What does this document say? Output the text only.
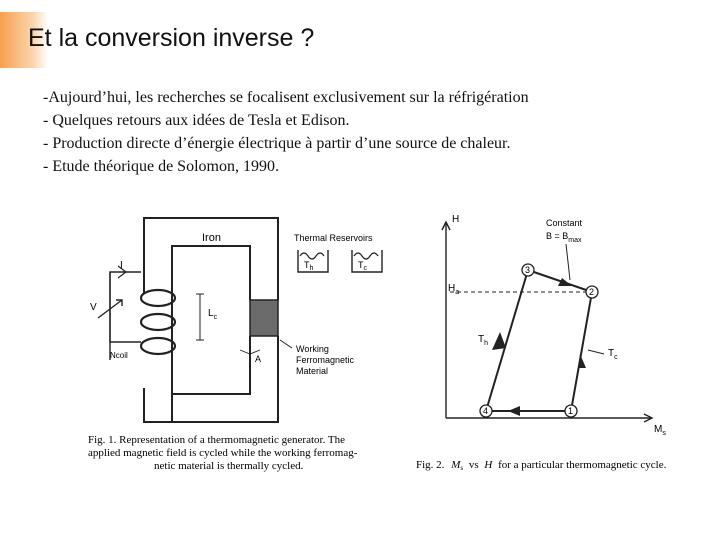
Et la conversion inverse ?
-Aujourd’hui, les recherches se focalisent exclusivement sur la réfrigération
- Quelques retours aux idées de Tesla et Edison.
- Production directe d’énergie électrique à partir d’une source de chaleur.
- Etude théorique de Solomon, 1990.
I
V
Ncoil
Iron
$L_c$
A
Thermal Reservoirs
$T_h$	$T_c$
Working
Ferromagnetic
Material
Fig. 1. Representation of a thermomagnetic generator. The
applied magnetic field is cycled while the working ferromag-
netic material is thermally cycled.
H
$M_s$
$H_a$
Constant
$B = B_{max}$
1
2
3
4
$T_h$
$T_c$
Fig. 2. Ms vs H for a particular thermomagnetic cycle.
